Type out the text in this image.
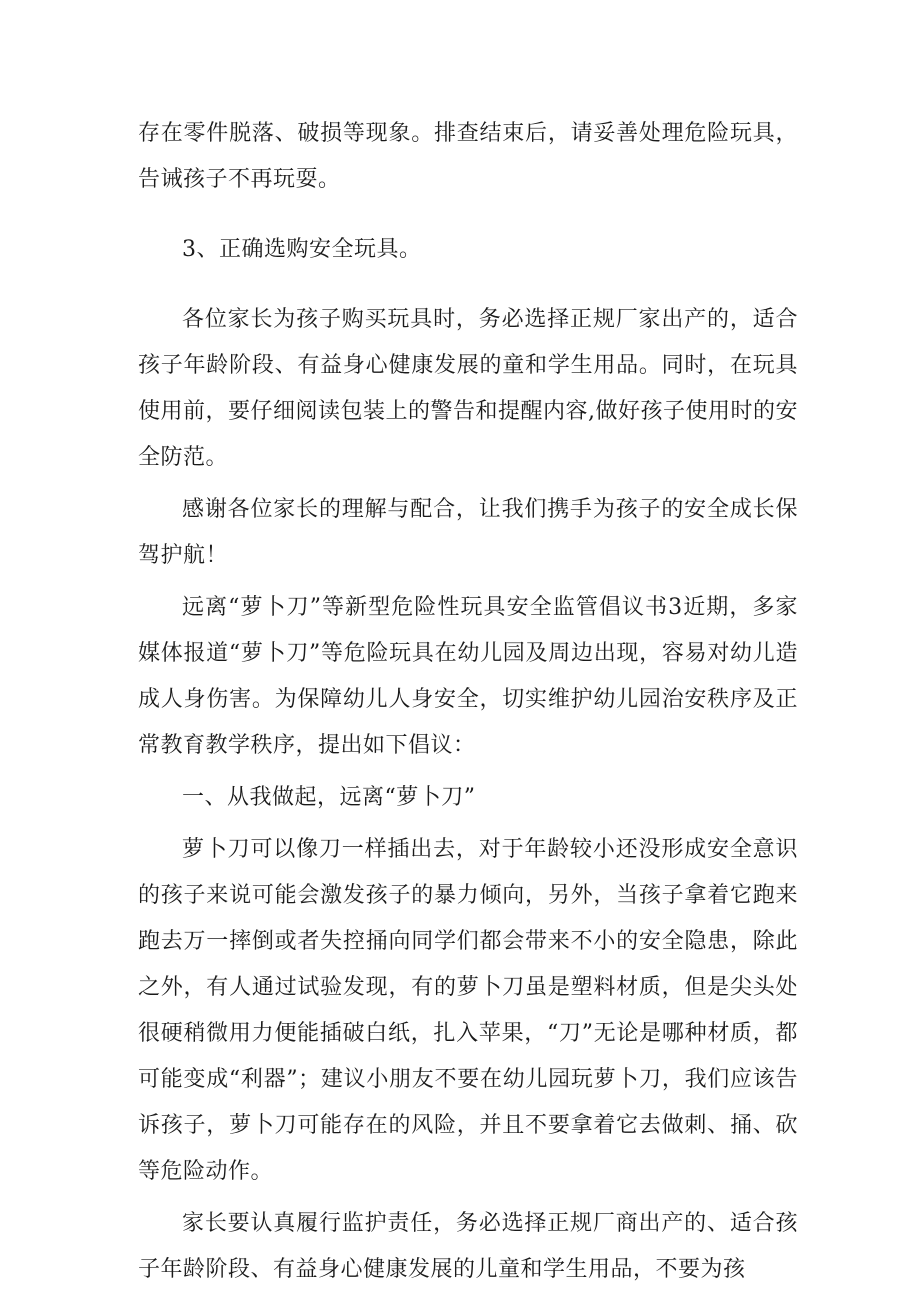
存在零件脱落、破损等现象。排查结束后，请妥善处理危险玩具，告诫孩子不再玩耍。

3、正确选购安全玩具。

各位家长为孩子购买玩具时，务必选择正规厂家出产的，适合孩子年龄阶段、有益身心健康发展的童和学生用品。同时，在玩具使用前，要仔细阅读包装上的警告和提醒内容,做好孩子使用时的安全防范。

感谢各位家长的理解与配合，让我们携手为孩子的安全成长保驾护航！

远离“萝卜刀”等新型危险性玩具安全监管倡议书3近期，多家媒体报道“萝卜刀”等危险玩具在幼儿园及周边出现，容易对幼儿造成人身伤害。为保障幼儿人身安全，切实维护幼儿园治安秩序及正常教育教学秩序，提出如下倡议：

一、从我做起，远离“萝卜刀”

萝卜刀可以像刀一样插出去，对于年龄较小还没形成安全意识的孩子来说可能会激发孩子的暴力倾向，另外，当孩子拿着它跑来跑去万一摔倒或者失控捅向同学们都会带来不小的安全隐患，除此之外，有人通过试验发现，有的萝卜刀虽是塑料材质，但是尖头处很硬稍微用力便能插破白纸，扎入苹果，“刀”无论是哪种材质，都可能变成“利器”；建议小朋友不要在幼儿园玩萝卜刀，我们应该告诉孩子，萝卜刀可能存在的风险，并且不要拿着它去做刺、捅、砍等危险动作。

家长要认真履行监护责任，务必选择正规厂商出产的、适合孩子年龄阶段、有益身心健康发展的儿童和学生用品，不要为孩
